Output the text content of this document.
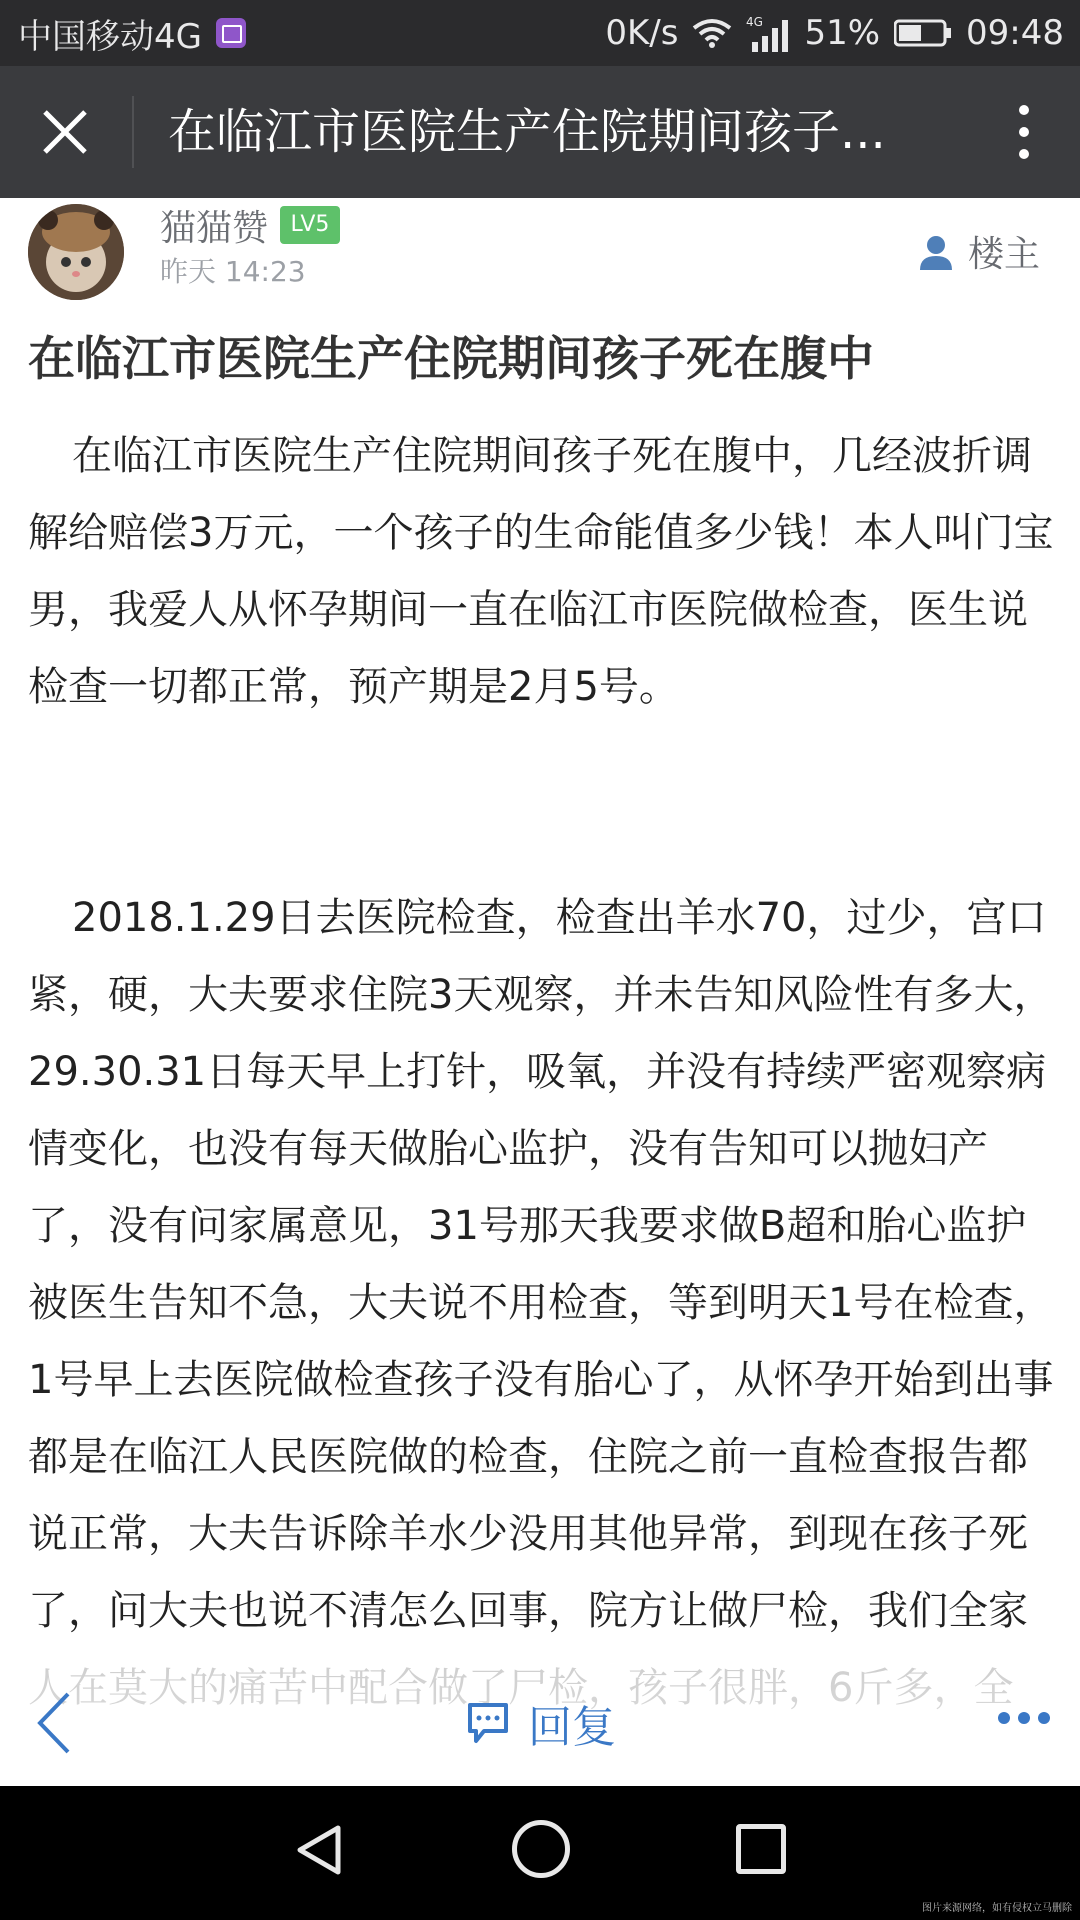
中国移动4G	0K/s	4G 51%	09:48
在临江市医院生产住院期间孩子...
猫猫赞	LV5
昨天 14:23	楼主
在临江市医院生产住院期间孩子死在腹中

在临江市医院生产住院期间孩子死在腹中，几经波折调解给赔偿3万元，一个孩子的生命能值多少钱！本人叫门宝男，我爱人从怀孕期间一直在临江市医院做检查，医生说检查一切都正常，预产期是2月5号。

2018.1.29日去医院检查，检查出羊水70，过少，宫口紧，硬，大夫要求住院3天观察，并未告知风险性有多大，29.30.31日每天早上打针，吸氧，并没有持续严密观察病情变化，也没有每天做胎心监护，没有告知可以抛妇产了，没有问家属意见，31号那天我要求做B超和胎心监护被医生告知不急，大夫说不用检查，等到明天1号在检查，1号早上去医院做检查孩子没有胎心了，从怀孕开始到出事都是在临江人民医院做的检查，住院之前一直检查报告都说正常，大夫告诉除羊水少没用其他异常，到现在孩子死了，问大夫也说不清怎么回事，院方让做尸检，我们全家

回复
图片来源网络，如有侵权立马删除
